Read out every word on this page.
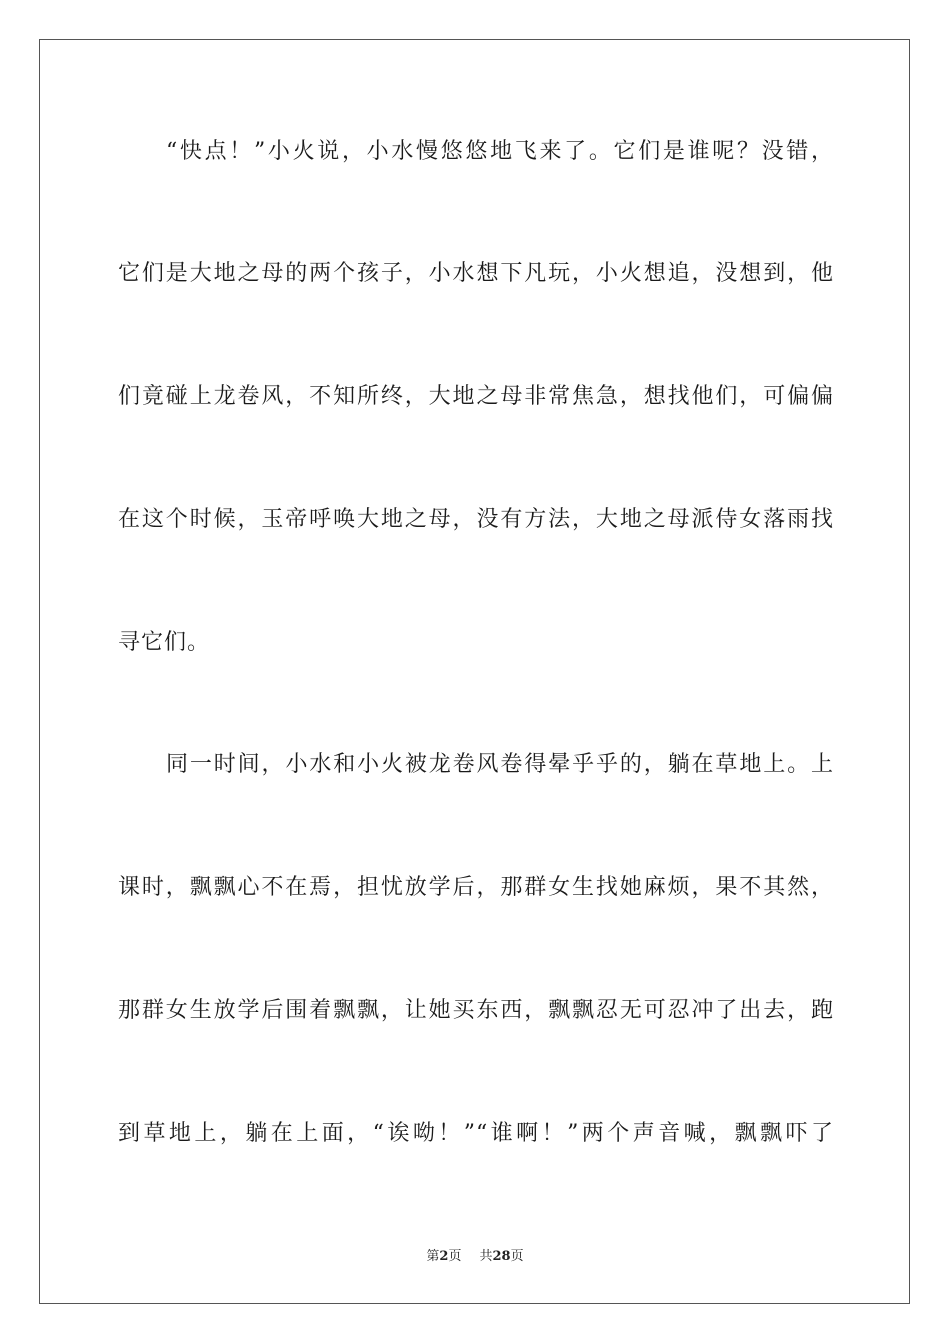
“快点！”小火说，小水慢悠悠地飞来了。它们是谁呢？没错，
它们是大地之母的两个孩子，小水想下凡玩，小火想追，没想到，他
们竟碰上龙卷风，不知所终，大地之母非常焦急，想找他们，可偏偏
在这个时候，玉帝呼唤大地之母，没有方法，大地之母派侍女落雨找
寻它们。
同一时间，小水和小火被龙卷风卷得晕乎乎的，躺在草地上。上
课时，飘飘心不在焉，担忧放学后，那群女生找她麻烦，果不其然，
那群女生放学后围着飘飘，让她买东西，飘飘忍无可忍冲了出去，跑
到草地上，躺在上面，“诶呦！”“谁啊！”两个声音喊，飘飘吓了
第2页 共28页
